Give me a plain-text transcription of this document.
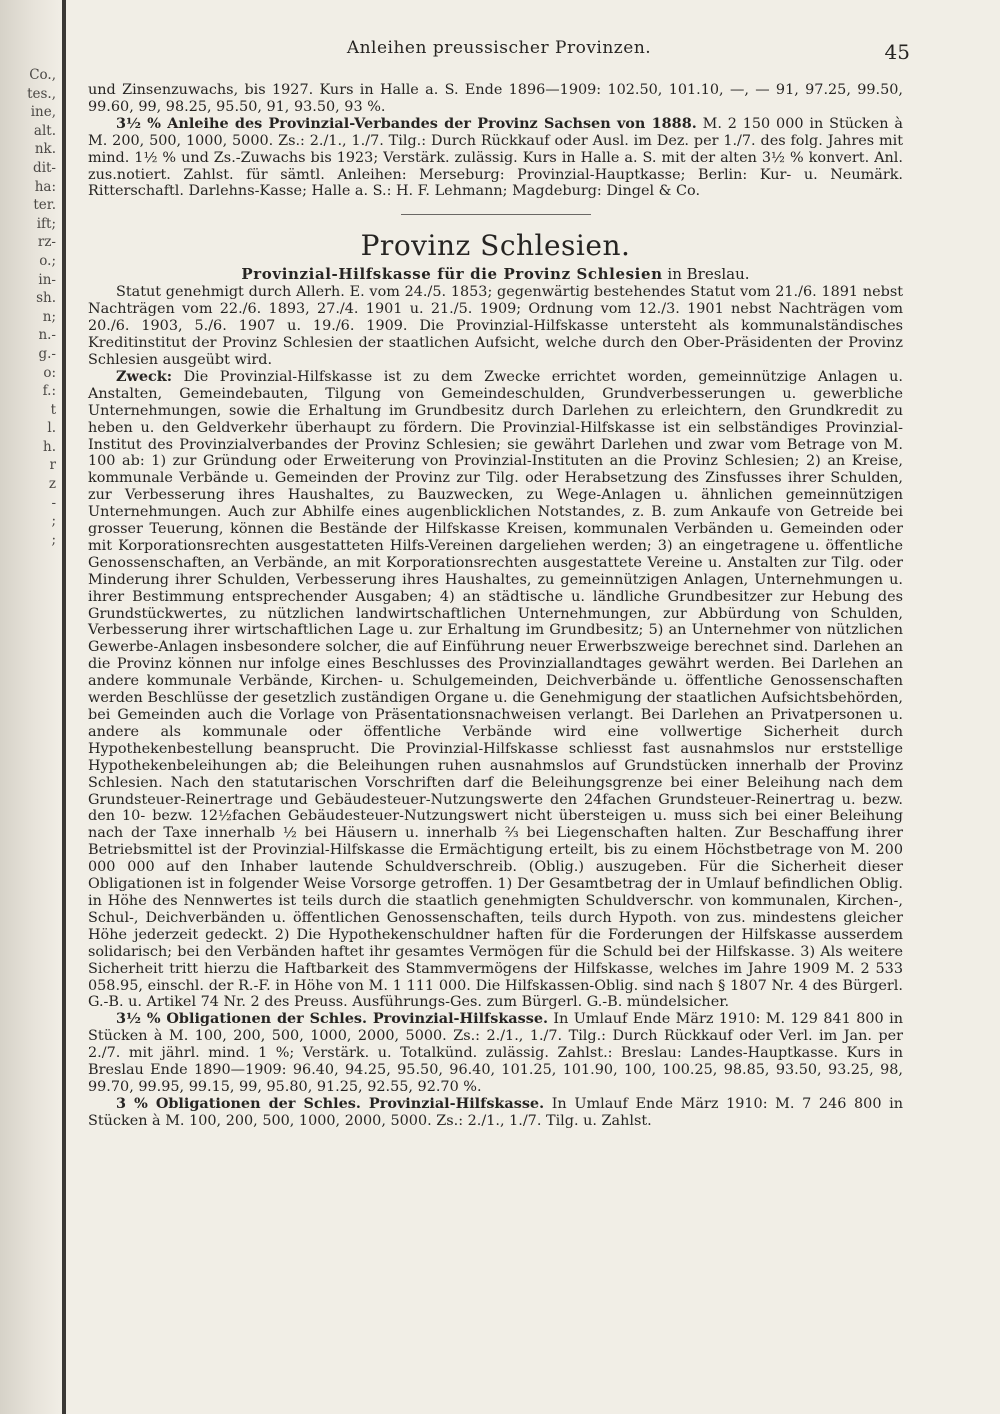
Co.,
tes.,
ine,
alt.
nk.
dit-
ha:
ter.
ift;
rz-
o.;
in-
sh.
n;
n.-
g.-
o:
f.:
t
l.
h.
r
z
-
;
;
Anleihen preussischer Provinzen.	45

und Zinsenzuwachs, bis 1927. Kurs in Halle a. S. Ende 1896—1909: 102.50, 101.10, —, — 91, 97.25, 99.50, 99.60, 99, 98.25, 95.50, 91, 93.50, 93 %.

3½ % Anleihe des Provinzial-Verbandes der Provinz Sachsen von 1888. M. 2 150 000 in Stücken à M. 200, 500, 1000, 5000. Zs.: 2./1., 1./7. Tilg.: Durch Rückkauf oder Ausl. im Dez. per 1./7. des folg. Jahres mit mind. 1½ % und Zs.-Zuwachs bis 1923; Verstärk. zulässig. Kurs in Halle a. S. mit der alten 3½ % konvert. Anl. zus.notiert. Zahlst. für sämtl. Anleihen: Merseburg: Provinzial-Hauptkasse; Berlin: Kur- u. Neumärk. Ritterschaftl. Darlehns-Kasse; Halle a. S.: H. F. Lehmann; Magdeburg: Dingel & Co.

Provinz Schlesien.
Provinzial-Hilfskasse für die Provinz Schlesien in Breslau.

Statut genehmigt durch Allerh. E. vom 24./5. 1853; gegenwärtig bestehendes Statut vom 21./6. 1891 nebst Nachträgen vom 22./6. 1893, 27./4. 1901 u. 21./5. 1909; Ordnung vom 12./3. 1901 nebst Nachträgen vom 20./6. 1903, 5./6. 1907 u. 19./6. 1909. Die Provinzial-Hilfskasse untersteht als kommunalständisches Kreditinstitut der Provinz Schlesien der staatlichen Aufsicht, welche durch den Ober-Präsidenten der Provinz Schlesien ausgeübt wird.

Zweck: Die Provinzial-Hilfskasse ist zu dem Zwecke errichtet worden, gemeinnützige Anlagen u. Anstalten, Gemeindebauten, Tilgung von Gemeindeschulden, Grundverbesserungen u. gewerbliche Unternehmungen, sowie die Erhaltung im Grundbesitz durch Darlehen zu erleichtern, den Grundkredit zu heben u. den Geldverkehr überhaupt zu fördern. Die Provinzial-Hilfskasse ist ein selbständiges Provinzial-Institut des Provinzialverbandes der Provinz Schlesien; sie gewährt Darlehen und zwar vom Betrage von M. 100 ab: 1) zur Gründung oder Erweiterung von Provinzial-Instituten an die Provinz Schlesien; 2) an Kreise, kommunale Verbände u. Gemeinden der Provinz zur Tilg. oder Herabsetzung des Zinsfusses ihrer Schulden, zur Verbesserung ihres Haushaltes, zu Bauzwecken, zu Wege-Anlagen u. ähnlichen gemeinnützigen Unternehmungen. Auch zur Abhilfe eines augenblicklichen Notstandes, z. B. zum Ankaufe von Getreide bei grosser Teuerung, können die Bestände der Hilfskasse Kreisen, kommunalen Verbänden u. Gemeinden oder mit Korporationsrechten ausgestatteten Hilfs-Vereinen dargeliehen werden; 3) an eingetragene u. öffentliche Genossenschaften, an Verbände, an mit Korporationsrechten ausgestattete Vereine u. Anstalten zur Tilg. oder Minderung ihrer Schulden, Verbesserung ihres Haushaltes, zu gemeinnützigen Anlagen, Unternehmungen u. ihrer Bestimmung entsprechender Ausgaben; 4) an städtische u. ländliche Grundbesitzer zur Hebung des Grundstückwertes, zu nützlichen landwirtschaftlichen Unternehmungen, zur Abbürdung von Schulden, Verbesserung ihrer wirtschaftlichen Lage u. zur Erhaltung im Grundbesitz; 5) an Unternehmer von nützlichen Gewerbe-Anlagen insbesondere solcher, die auf Einführung neuer Erwerbszweige berechnet sind. Darlehen an die Provinz können nur infolge eines Beschlusses des Provinziallandtages gewährt werden. Bei Darlehen an andere kommunale Verbände, Kirchen- u. Schulgemeinden, Deichverbände u. öffentliche Genossenschaften werden Beschlüsse der gesetzlich zuständigen Organe u. die Genehmigung der staatlichen Aufsichtsbehörden, bei Gemeinden auch die Vorlage von Präsentationsnachweisen verlangt. Bei Darlehen an Privatpersonen u. andere als kommunale oder öffentliche Verbände wird eine vollwertige Sicherheit durch Hypothekenbestellung beansprucht. Die Provinzial-Hilfskasse schliesst fast ausnahmslos nur erststellige Hypothekenbeleihungen ab; die Beleihungen ruhen ausnahmslos auf Grundstücken innerhalb der Provinz Schlesien. Nach den statutarischen Vorschriften darf die Beleihungsgrenze bei einer Beleihung nach dem Grundsteuer-Reinertrage und Gebäudesteuer-Nutzungswerte den 24fachen Grundsteuer-Reinertrag u. bezw. den 10- bezw. 12½fachen Gebäudesteuer-Nutzungswert nicht übersteigen u. muss sich bei einer Beleihung nach der Taxe innerhalb ½ bei Häusern u. innerhalb ⅔ bei Liegenschaften halten. Zur Beschaffung ihrer Betriebsmittel ist der Provinzial-Hilfskasse die Ermächtigung erteilt, bis zu einem Höchstbetrage von M. 200 000 000 auf den Inhaber lautende Schuldverschreib. (Oblig.) auszugeben. Für die Sicherheit dieser Obligationen ist in folgender Weise Vorsorge getroffen. 1) Der Gesamtbetrag der in Umlauf befindlichen Oblig. in Höhe des Nennwertes ist teils durch die staatlich genehmigten Schuldverschr. von kommunalen, Kirchen-, Schul-, Deichverbänden u. öffentlichen Genossenschaften, teils durch Hypoth. von zus. mindestens gleicher Höhe jederzeit gedeckt. 2) Die Hypothekenschuldner haften für die Forderungen der Hilfskasse ausserdem solidarisch; bei den Verbänden haftet ihr gesamtes Vermögen für die Schuld bei der Hilfskasse. 3) Als weitere Sicherheit tritt hierzu die Haftbarkeit des Stammvermögens der Hilfskasse, welches im Jahre 1909 M. 2 533 058.95, einschl. der R.-F. in Höhe von M. 1 111 000. Die Hilfskassen-Oblig. sind nach § 1807 Nr. 4 des Bürgerl. G.-B. u. Artikel 74 Nr. 2 des Preuss. Ausführungs-Ges. zum Bürgerl. G.-B. mündelsicher.

3½ % Obligationen der Schles. Provinzial-Hilfskasse. In Umlauf Ende März 1910: M. 129 841 800 in Stücken à M. 100, 200, 500, 1000, 2000, 5000. Zs.: 2./1., 1./7. Tilg.: Durch Rückkauf oder Verl. im Jan. per 2./7. mit jährl. mind. 1 %; Verstärk. u. Totalkünd. zulässig. Zahlst.: Breslau: Landes-Hauptkasse. Kurs in Breslau Ende 1890—1909: 96.40, 94.25, 95.50, 96.40, 101.25, 101.90, 100, 100.25, 98.85, 93.50, 93.25, 98, 99.70, 99.95, 99.15, 99, 95.80, 91.25, 92.55, 92.70 %.

3 % Obligationen der Schles. Provinzial-Hilfskasse. In Umlauf Ende März 1910: M. 7 246 800 in Stücken à M. 100, 200, 500, 1000, 2000, 5000. Zs.: 2./1., 1./7. Tilg. u. Zahlst.
